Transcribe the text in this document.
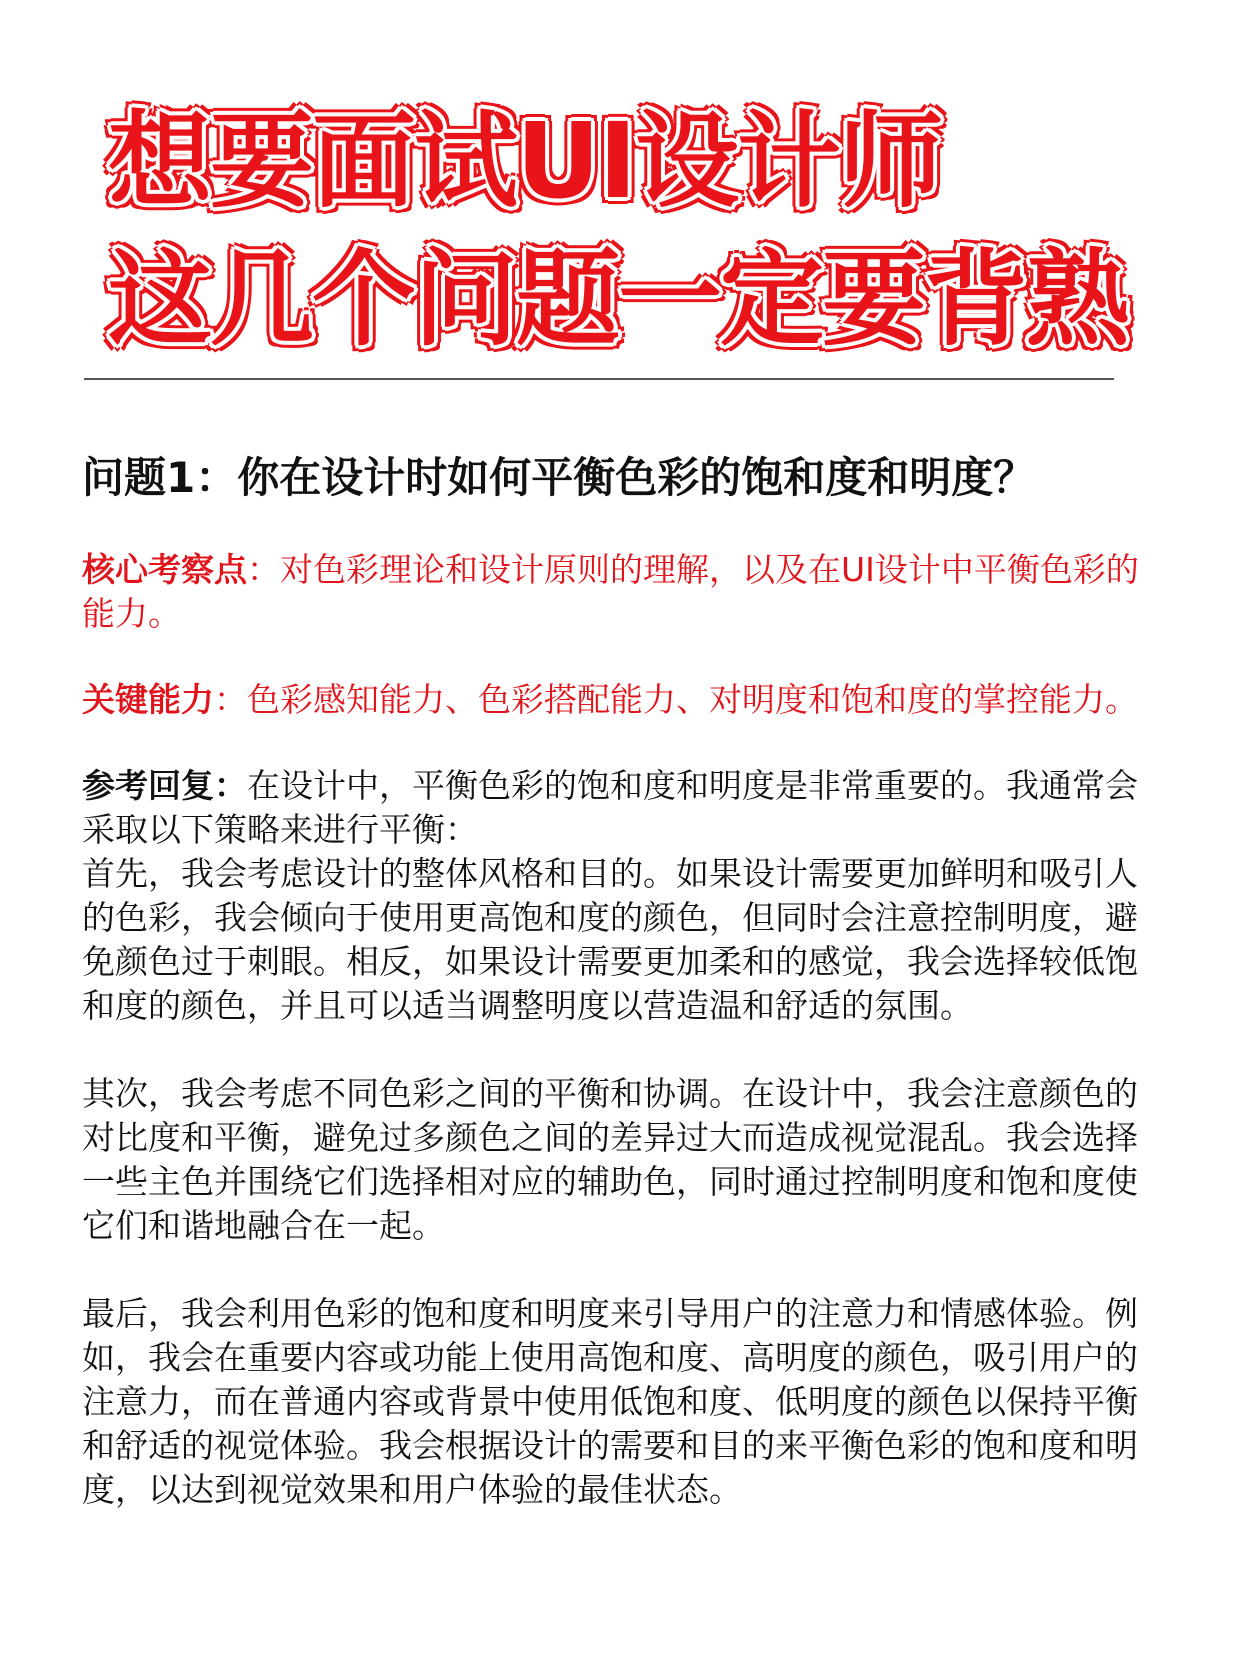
想要面试UI设计师
这几个问题一定要背熟
问题1：你在设计时如何平衡色彩的饱和度和明度？

核心考察点：对色彩理论和设计原则的理解，以及在UI设计中平衡色彩的能力。

关键能力：色彩感知能力、色彩搭配能力、对明度和饱和度的掌控能力。

参考回复：在设计中，平衡色彩的饱和度和明度是非常重要的。我通常会采取以下策略来进行平衡：

首先，我会考虑设计的整体风格和目的。如果设计需要更加鲜明和吸引人的色彩，我会倾向于使用更高饱和度的颜色，但同时会注意控制明度，避免颜色过于刺眼。相反，如果设计需要更加柔和的感觉，我会选择较低饱和度的颜色，并且可以适当调整明度以营造温和舒适的氛围。

其次，我会考虑不同色彩之间的平衡和协调。在设计中，我会注意颜色的对比度和平衡，避免过多颜色之间的差异过大而造成视觉混乱。我会选择一些主色并围绕它们选择相对应的辅助色，同时通过控制明度和饱和度使它们和谐地融合在一起。

最后，我会利用色彩的饱和度和明度来引导用户的注意力和情感体验。例如，我会在重要内容或功能上使用高饱和度、高明度的颜色，吸引用户的注意力，而在普通内容或背景中使用低饱和度、低明度的颜色以保持平衡和舒适的视觉体验。我会根据设计的需要和目的来平衡色彩的饱和度和明度，以达到视觉效果和用户体验的最佳状态。
